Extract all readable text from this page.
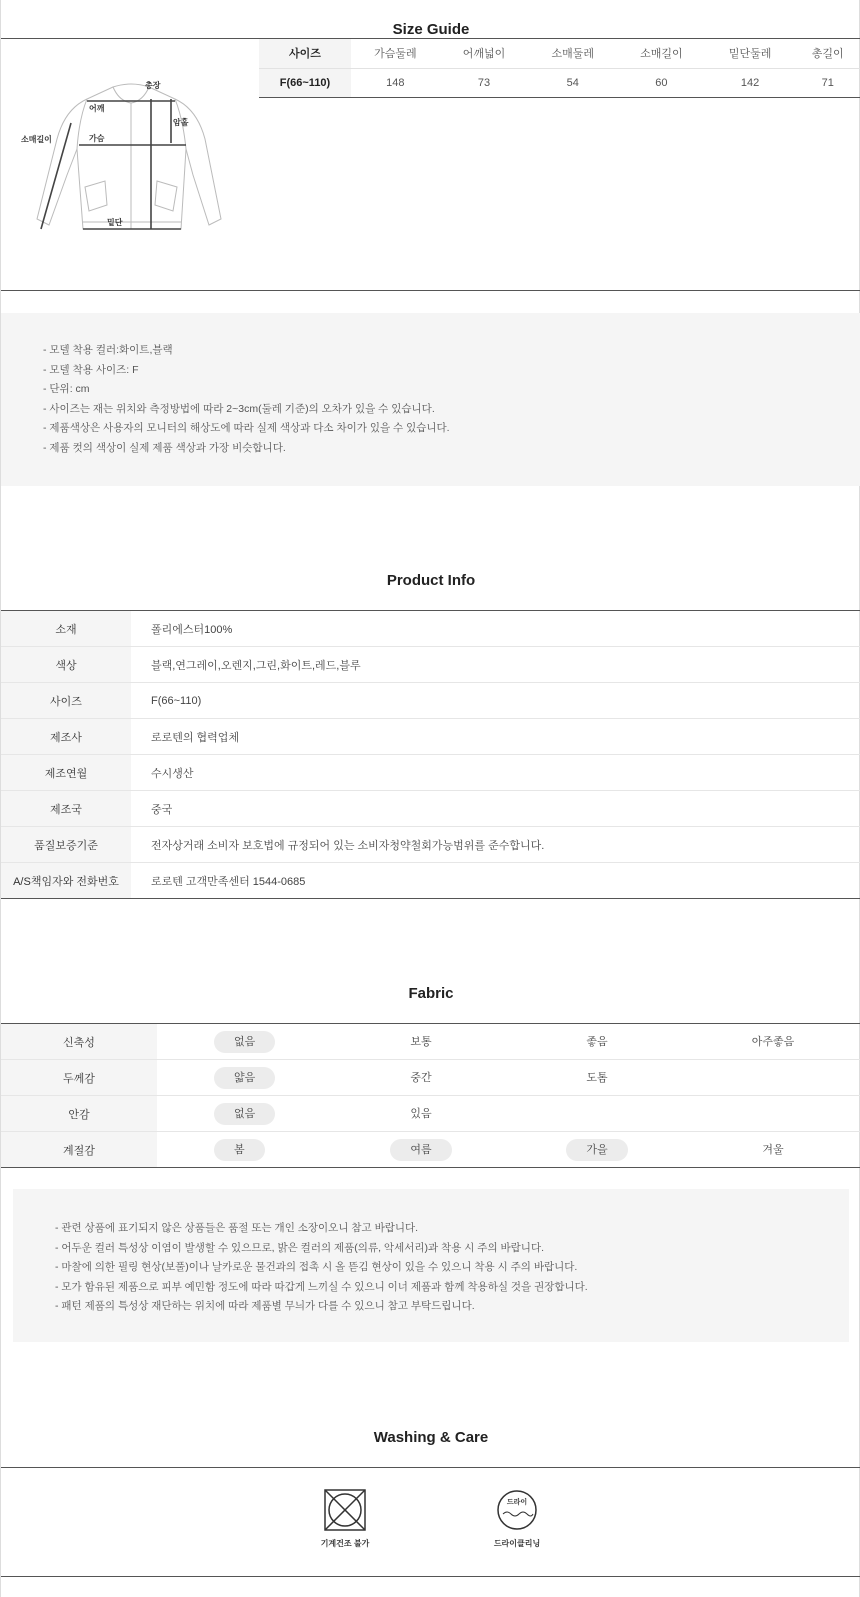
Size Guide
총장
어깨
소매길이	가슴
암홀
밑단
사이즈	가슴둘레	어깨넓이	소매둘레	소매길이	밑단둘레	총길이
F(66~110)	148	73	54	60	142	71
- 모델 착용 컬러:화이트,블랙
- 모델 착용 사이즈: F
- 단위: cm
- 사이즈는 재는 위치와 측정방법에 따라 2~3cm(둘레 기준)의 오차가 있을 수 있습니다.
- 제품색상은 사용자의 모니터의 해상도에 따라 실제 색상과 다소 차이가 있을 수 있습니다.
- 제품 컷의 색상이 실제 제품 색상과 가장 비슷합니다.
Product Info
소재	폴리에스터100%
색상	블랙,연그레이,오렌지,그린,화이트,레드,블루
사이즈	F(66~110)
제조사	로로텐의 협력업체
제조연월	수시생산
제조국	중국
품질보증기준	전자상거래 소비자 보호법에 규정되어 있는 소비자청약철회가능범위를 준수합니다.
A/S책임자와 전화번호	로로텐 고객만족센터 1544-0685
Fabric
신축성	없음	보통	좋음	아주좋음
두께감	얇음	중간	도톰	
안감	없음	있음		
계절감	봄	여름	가을	겨울
- 관련 상품에 표기되지 않은 상품들은 품절 또는 개인 소장이오니 참고 바랍니다.
- 어두운 컬러 특성상 이염이 발생할 수 있으므로, 밝은 컬러의 제품(의류, 악세서리)과 착용 시 주의 바랍니다.
- 마찰에 의한 필링 현상(보풀)이나 날카로운 물건과의 접촉 시 올 뜯김 현상이 있을 수 있으니 착용 시 주의 바랍니다.
- 모가 함유된 제품으로 피부 예민함 정도에 따라 따갑게 느끼실 수 있으니 이너 제품과 함께 착용하실 것을 권장합니다.
- 패턴 제품의 특성상 재단하는 위치에 따라 제품별 무늬가 다를 수 있으니 참고 부탁드립니다.
Washing & Care
기계건조 불가
드라이
드라이클리닝
